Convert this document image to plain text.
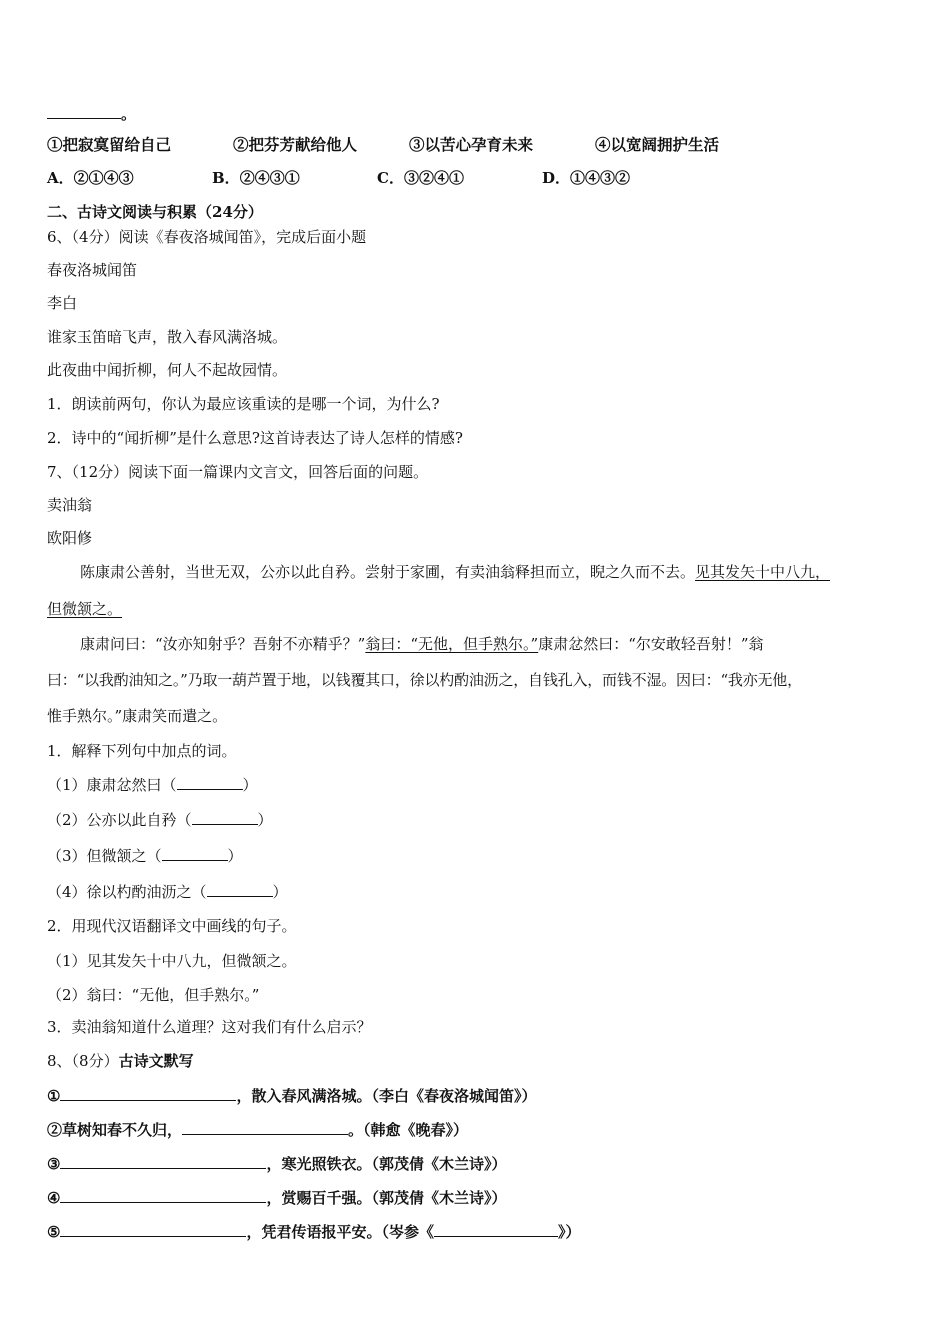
。
①把寂寞留给自己	②把芬芳献给他人	③以苦心孕育未来	④以宽阔拥护生活
A．②①④③	B．②④③①	C．③②④①	D．①④③②
二、古诗文阅读与积累（24分）
6、（4分）阅读《春夜洛城闻笛》，完成后面小题
春夜洛城闻笛
李白
谁家玉笛暗飞声，散入春风满洛城。
此夜曲中闻折柳，何人不起故园情。
1．朗读前两句，你认为最应该重读的是哪一个词，为什么?
2．诗中的“闻折柳”是什么意思?这首诗表达了诗人怎样的情感?
7、（12分）阅读下面一篇课内文言文，回答后面的问题。
卖油翁
欧阳修
陈康肃公善射，当世无双，公亦以此自矜。尝射于家圃，有卖油翁释担而立，睨之久而不去。见其发矢十中八九，
但微颔之。
康肃问曰：“汝亦知射乎？吾射不亦精乎？”翁曰：“无他，但手熟尔。”康肃忿然曰：“尔安敢轻吾射！”翁
曰：“以我酌油知之。”乃取一葫芦置于地，以钱覆其口，徐以杓酌油沥之，自钱孔入，而钱不湿。因曰：“我亦无他，
惟手熟尔。”康肃笑而遣之。
1．解释下列句中加点的词。
（1）康肃忿然曰（	）
（2）公亦以此自矜（	）
（3）但微颔之（	）
（4）徐以杓酌油沥之（	）
2．用现代汉语翻译文中画线的句子。
（1）见其发矢十中八九，但微颔之。
（2）翁曰：“无他，但手熟尔。”
3．卖油翁知道什么道理？这对我们有什么启示？
8、（8分）古诗文默写
①	，散入春风满洛城。（李白《春夜洛城闻笛》）
②草树知春不久归，	。（韩愈《晚春》）
③	，寒光照铁衣。（郭茂倩《木兰诗》）
④	，赏赐百千强。（郭茂倩《木兰诗》）
⑤	，凭君传语报平安。（岑参《	》）
